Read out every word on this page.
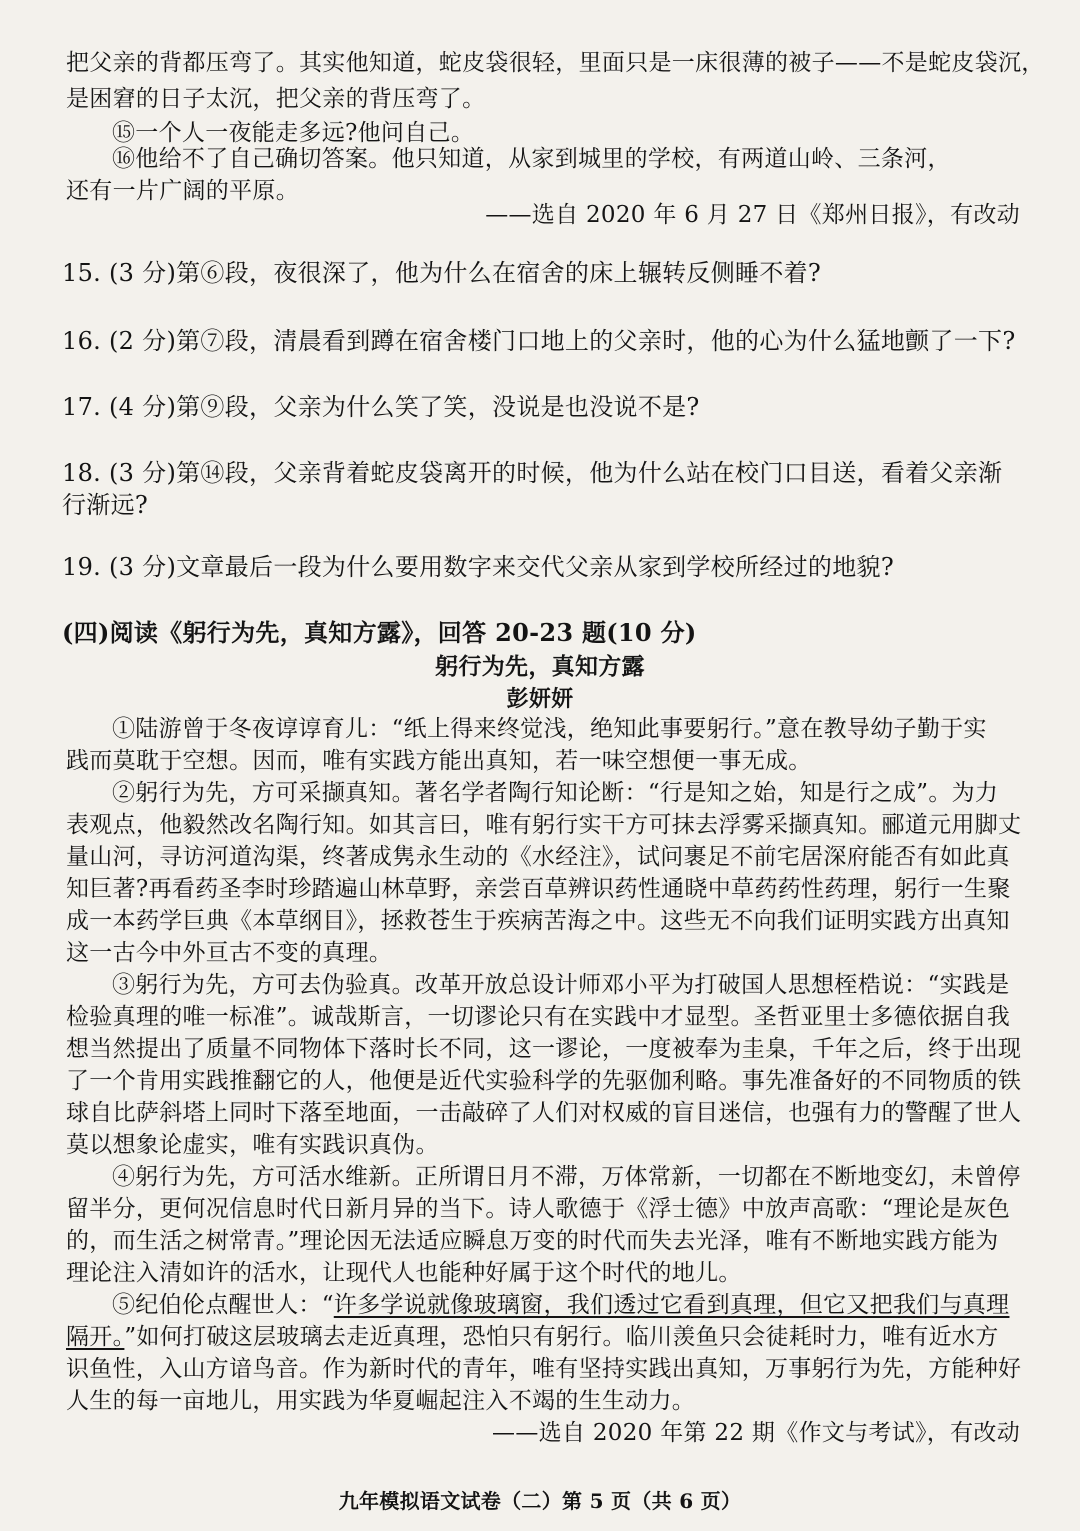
把父亲的背都压弯了。其实他知道，蛇皮袋很轻，里面只是一床很薄的被子——不是蛇皮袋沉，
是困窘的日子太沉，把父亲的背压弯了。
⑮一个人一夜能走多远?他问自己。
⑯他给不了自己确切答案。他只知道，从家到城里的学校，有两道山岭、三条河，
还有一片广阔的平原。
——选自 2020 年 6 月 27 日《郑州日报》，有改动
15. (3 分)第⑥段，夜很深了，他为什么在宿舍的床上辗转反侧睡不着?
16. (2 分)第⑦段，清晨看到蹲在宿舍楼门口地上的父亲时，他的心为什么猛地颤了一下?
17. (4 分)第⑨段，父亲为什么笑了笑，没说是也没说不是?
18. (3 分)第⑭段，父亲背着蛇皮袋离开的时候，他为什么站在校门口目送，看着父亲渐
行渐远?
19. (3 分)文章最后一段为什么要用数字来交代父亲从家到学校所经过的地貌?
(四)阅读《躬行为先，真知方露》，回答 20-23 题(10 分)
躬行为先，真知方露
彭妍妍
①陆游曾于冬夜谆谆育儿：“纸上得来终觉浅，绝知此事要躬行。”意在教导幼子勤于实
践而莫耽于空想。因而，唯有实践方能出真知，若一味空想便一事无成。
②躬行为先，方可采撷真知。著名学者陶行知论断：“行是知之始，知是行之成”。为力
表观点，他毅然改名陶行知。如其言曰，唯有躬行实干方可抹去浮雾采撷真知。郦道元用脚丈
量山河，寻访河道沟渠，终著成隽永生动的《水经注》，试问裹足不前宅居深府能否有如此真
知巨著?再看药圣李时珍踏遍山林草野，亲尝百草辨识药性通晓中草药药性药理，躬行一生聚
成一本药学巨典《本草纲目》，拯救苍生于疾病苦海之中。这些无不向我们证明实践方出真知
这一古今中外亘古不变的真理。
③躬行为先，方可去伪验真。改革开放总设计师邓小平为打破国人思想桎梏说：“实践是
检验真理的唯一标准”。诚哉斯言，一切谬论只有在实践中才显型。圣哲亚里士多德依据自我
想当然提出了质量不同物体下落时长不同，这一谬论，一度被奉为圭臬，千年之后，终于出现
了一个肯用实践推翻它的人，他便是近代实验科学的先驱伽利略。事先准备好的不同物质的铁
球自比萨斜塔上同时下落至地面，一击敲碎了人们对权威的盲目迷信，也强有力的警醒了世人
莫以想象论虚实，唯有实践识真伪。
④躬行为先，方可活水维新。正所谓日月不滞，万体常新，一切都在不断地变幻，未曾停
留半分，更何况信息时代日新月异的当下。诗人歌德于《浮士德》中放声高歌：“理论是灰色
的，而生活之树常青。”理论因无法适应瞬息万变的时代而失去光泽，唯有不断地实践方能为
理论注入清如许的活水，让现代人也能种好属于这个时代的地儿。
⑤纪伯伦点醒世人：“许多学说就像玻璃窗，我们透过它看到真理，但它又把我们与真理
隔开。”如何打破这层玻璃去走近真理，恐怕只有躬行。临川羡鱼只会徒耗时力，唯有近水方
识鱼性，入山方谙鸟音。作为新时代的青年，唯有坚持实践出真知，万事躬行为先，方能种好
人生的每一亩地儿，用实践为华夏崛起注入不竭的生生动力。
——选自 2020 年第 22 期《作文与考试》，有改动
九年模拟语文试卷（二）第 5 页（共 6 页）
